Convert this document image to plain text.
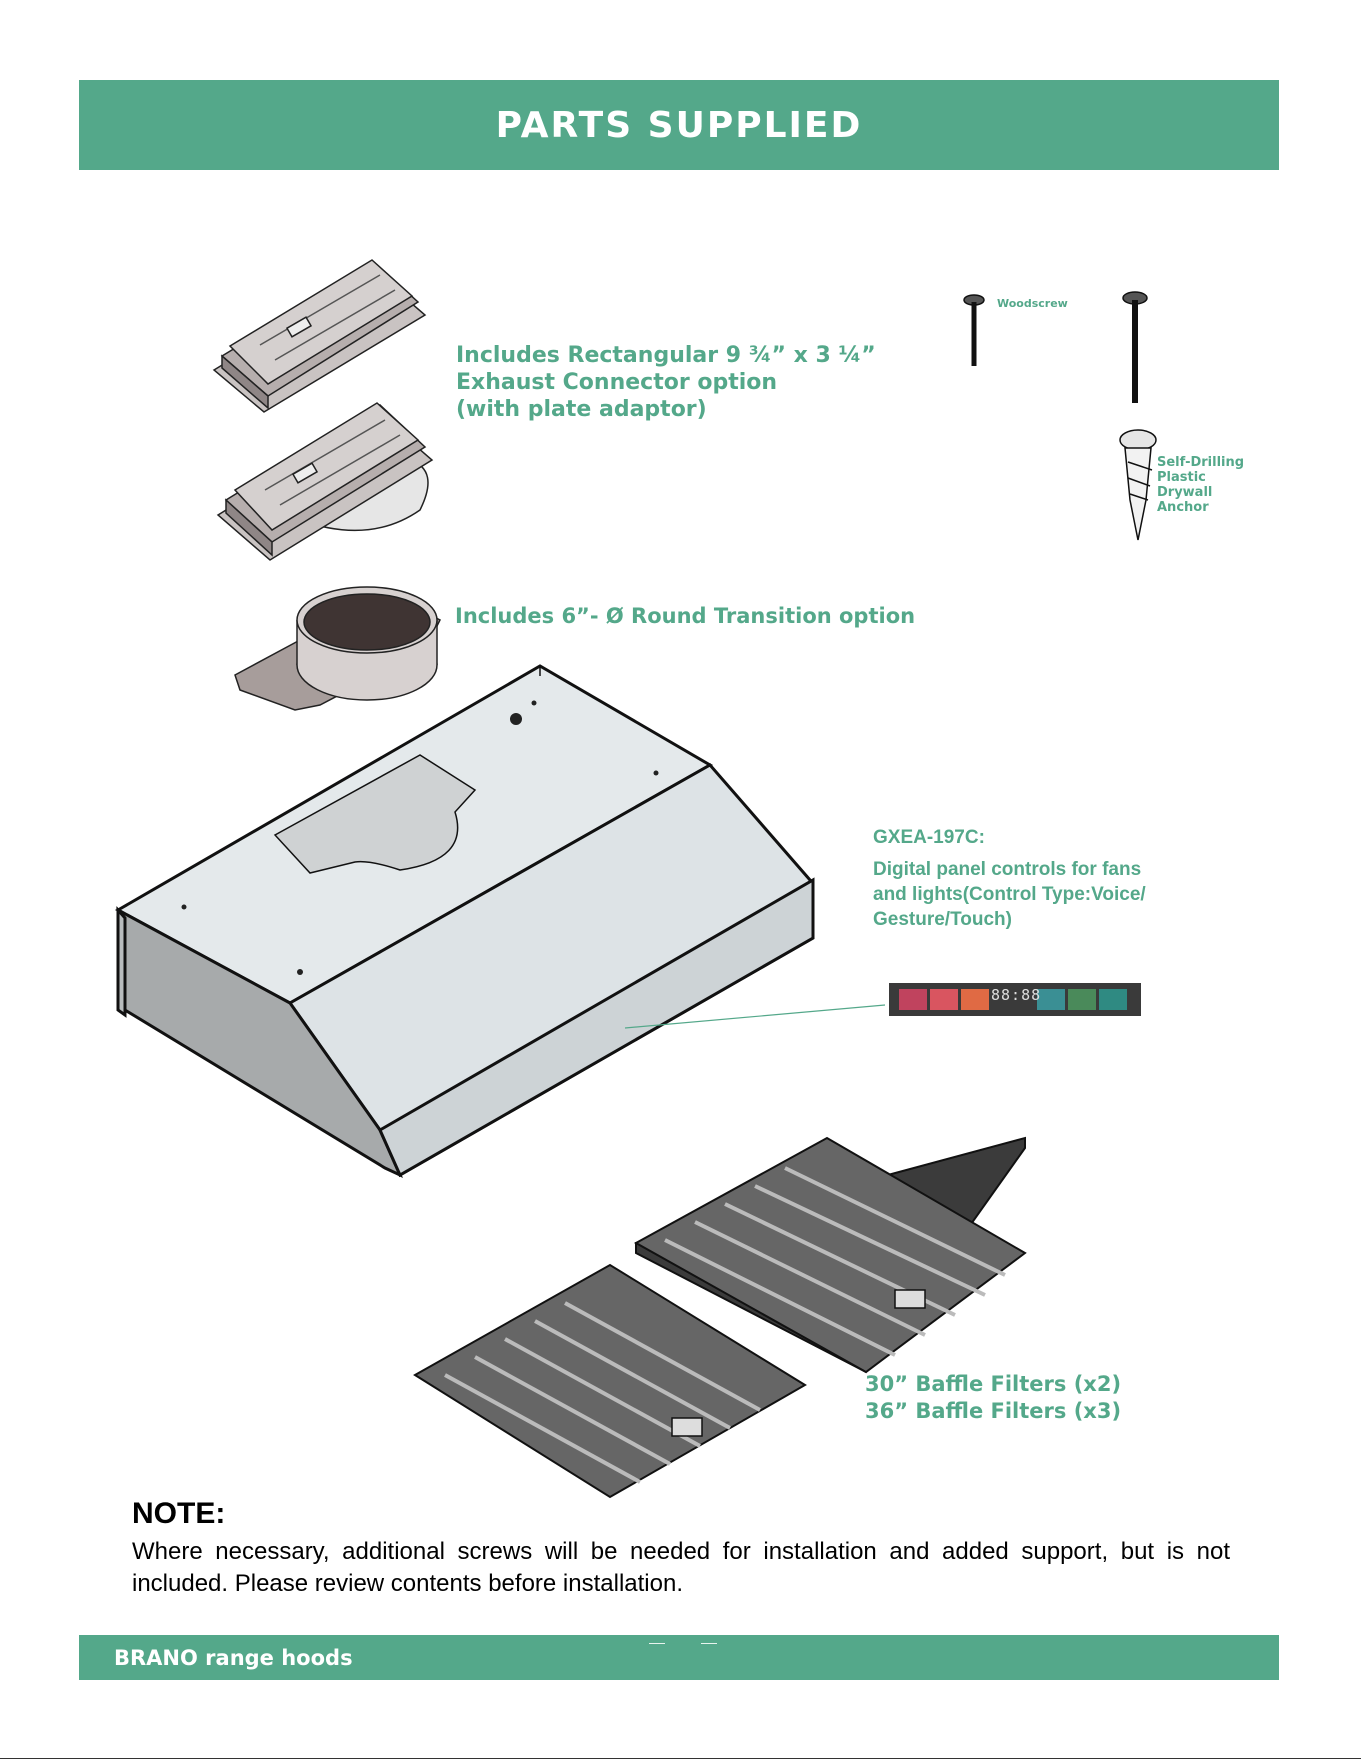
PARTS SUPPLIED
Includes Rectangular 9 ¾” x 3 ¼”
Exhaust Connector option
(with plate adaptor)
Includes 6”- Ø Round Transition option
Woodscrew
Self-Drilling
Plastic
Drywall
Anchor
GXEA-197C:
Digital panel controls for fans
and lights(Control Type:Voice/
Gesture/Touch)
88:88
30” Baffle Filters (x2)
36” Baffle Filters (x3)
NOTE:
Where necessary, additional screws will be needed for installation and added support, but is not included. Please review contents before installation.
BRANO range hoods
